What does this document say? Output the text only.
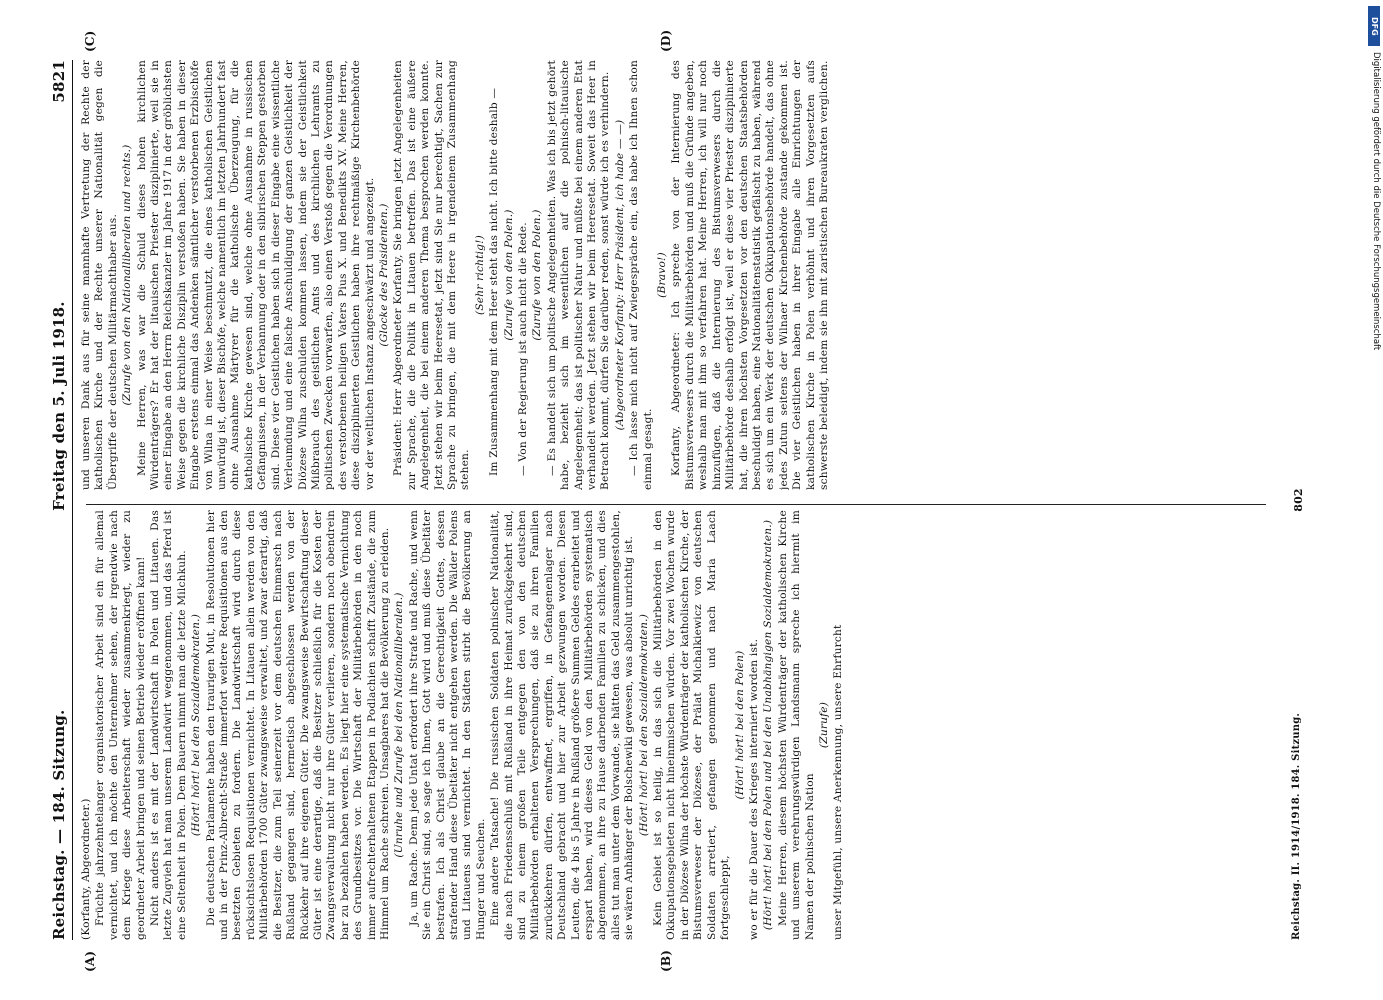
Reichstag. — 184. Sitzung.
Freitag den 5. Juli 1918.
5821
(A)	(B)
(C)	(D)

(Korfanty, Abgeordneter.) Früchte jahrzehntelanger organisatorischer Arbeit sind ein für allemal vernichtet, und ich möchte den Unternehmer sehen, der irgendwie nach dem Kriege diese Arbeiterschaft wieder zusammenkriegt, wieder zu geordneter Arbeit bringen und seinen Betrieb wieder eröffnen kann! Nicht anders ist es mit der Landwirtschaft in Polen und Litauen. Das letzte Zugvieh hat man unserem Landwirt weggenommen, und das Pferd ist eine Seltenheit in Polen. Dem Bauern nimmt man die letzte Milchkuh. (Hört! hört! bei den Sozialdemokraten.) Die deutschen Parlamente haben den traurigen Mut, in Resolutionen hier und in der Prinz-Albrecht-Straße immerfort weitere Requisitionen aus den besetzten Gebieten zu fordern. Die Landwirtschaft wird durch diese rücksichtslosen Requisitionen vernichtet. In Litauen allein werden von den Militärbehörden 1700 Güter zwangsweise verwaltet, und zwar derartig, daß die Besitzer, die zum Teil seinerzeit vor dem deutschen Einmarsch nach Rußland gegangen sind, hermetisch abgeschlossen werden von der Rückkehr auf ihre eigenen Güter. Die zwangsweise Bewirtschaftung dieser Güter ist eine derartige, daß die Besitzer schließlich für die Kosten der Zwangsverwaltung nicht nur ihre Güter verlieren, sondern noch obendrein bar zu bezahlen haben werden. Es liegt hier eine systematische Vernichtung des Grundbesitzes vor. Die Wirtschaft der Militärbehörden in den noch immer aufrechterhaltenen Etappen in Podlachien schafft Zustände, die zum Himmel um Rache schreien. Unsagbares hat die Bevölkerung zu erleiden. (Unruhe und Zurufe bei den Nationalliberalen.) Ja, um Rache. Denn jede Untat erfordert ihre Strafe und Rache, und wenn Sie ein Christ sind, so sage ich Ihnen, Gott wird und muß diese Übeltäter bestrafen. Ich als Christ glaube an die Gerechtigkeit Gottes, dessen strafender Hand diese Übeltäter nicht entgehen werden. Die Wälder Polens und Litauens sind vernichtet. In den Städten stirbt die Bevölkerung an Hunger und Seuchen. Eine andere Tatsache! Die russischen Soldaten polnischer Nationalität, die nach Friedensschluß mit Rußland in ihre Heimat zurückgekehrt sind, sind zu einem großen Teile entgegen den von den deutschen Militärbehörden erhaltenen Versprechungen, daß sie zu ihren Familien zurückkehren dürfen, entwaffnet, ergriffen, in Gefangenenlager nach Deutschland gebracht und hier zur Arbeit gezwungen worden. Diesen Leuten, die 4 bis 5 Jahre in Rußland größere Summen Geldes erarbeitet und erspart haben, wird dieses Geld von den Militärbehörden systematisch abgenommen, an ihre zu Hause darbenden Familien zu schicken, und dies alles tut man unter dem Vorwande, sie hätten das Geld zusammengestohlen, sie wären Anhänger der Bolschewiki gewesen, was absolut unrichtig ist. (Hört! hört! bei den Sozialdemokraten.) Kein Gebiet ist so heilig, in das sich die Militärbehörden in den Okkupationsgebieten nicht hineinmischen würden. Vor zwei Wochen wurde in der Diözese Wilna der höchste Würdenträger der katholischen Kirche, der Bistumsverweser der Diözese, der Prälat Michalkiewicz von deutschen Soldaten arretiert, gefangen genommen und nach Maria Laach fortgeschleppt,

(Hört! hört! bei den Polen) wo er für die Dauer des Krieges interniert worden ist. (Hört! hört! bei den Polen und bei den Unabhängigen Sozialdemokraten.) Meine Herren, diesem höchsten Würdenträger der katholischen Kirche und unserem verehrungswürdigen Landsmann spreche ich hiermit im Namen der polnischen Nation

(Zurufe) unser Mitgefühl, unsere Anerkennung, unsere Ehrfurcht

und unseren Dank aus für seine mannhafte Vertretung der Rechte der katholischen Kirche und der Rechte unserer Nationalität gegen die Übergriffe der deutschen Militärmachthaber aus. (Zurufe von den Nationalliberalen und rechts.) Meine Herren, was war die Schuld dieses hohen kirchlichen Würdenträgers? Er hat der litauischen Priester disziplinierte, weil sie in einer Eingabe an den Herrn Reichskanzler im Jahre 1917 in der gröblichsten Weise gegen die kirchliche Disziplin verstoßen haben. Sie haben in dieser Eingabe erstens einmal das Andenken sämtlicher verstorbenen Erzbischöfe von Wilna in einer Weise beschmutzt, die eines katholischen Geistlichen unwürdig ist, dieser Bischöfe, welche namentlich im letzten Jahrhundert fast ohne Ausnahme Märtyrer für die katholische Überzeugung, für die katholische Kirche gewesen sind, welche ohne Ausnahme in russischen Gefängnissen, in der Verbannung oder in den sibirischen Steppen gestorben sind. Diese vier Geistlichen haben sich in dieser Eingabe eine wissentliche Verleumdung und eine falsche Anschuldigung der ganzen Geistlichkeit der Diözese Wilna zuschulden kommen lassen, indem sie der Geistlichkeit Mißbrauch des geistlichen Amts und des kirchlichen Lehramts zu politischen Zwecken vorwarfen, also einen Verstoß gegen die Verordnungen des verstorbenen heiligen Vaters Pius X. und Benedikts XV. Meine Herren, diese disziplinierten Geistlichen haben ihre rechtmäßige Kirchenbehörde vor der weltlichen Instanz angeschwärzt und angezeigt. (Glocke des Präsidenten.) Präsident: Herr Abgeordneter Korfanty, Sie bringen jetzt Angelegenheiten zur Sprache, die die Politik in Litauen betreffen. Das ist eine äußere Angelegenheit, die bei einem anderen Thema besprochen werden konnte. Jetzt stehen wir beim Heeresetat, jetzt sind Sie nur berechtigt, Sachen zur Sprache zu bringen, die mit dem Heere in irgendeinem Zusammenhang stehen.

(Sehr richtig!) Im Zusammenhang mit dem Heer steht das nicht. Ich bitte deshalb — (Zurufe von den Polen.) — Von der Regierung ist auch nicht die Rede. (Zurufe von den Polen.) — Es handelt sich um politische Angelegenheiten. Was ich bis jetzt gehört habe, bezieht sich im wesentlichen auf die polnisch-litauische Angelegenheit; das ist politischer Natur und müßte bei einem anderen Etat verhandelt werden. Jetzt stehen wir beim Heeresetat. Soweit das Heer in Betracht kommt, dürfen Sie darüber reden, sonst würde ich es verhindern. (Abgeordneter Korfanty: Herr Präsident, ich habe — —) — Ich lasse mich nicht auf Zwiegespräche ein, das habe ich Ihnen schon einmal gesagt.

(Bravo!) Korfanty, Abgeordneter: Ich spreche von der Internierung des Bistumsverwesers durch die Militärbehörden und muß die Gründe angeben, weshalb man mit ihm so verfahren hat. Meine Herren, ich will nur noch hinzufügen, daß die Internierung des Bistumsverwesers durch die Militärbehörde deshalb erfolgt ist, weil er diese vier Priester disziplinierte hat, die ihren höchsten Vorgesetzten vor den deutschen Staatsbehörden beschuldigt haben, eine Nationalitätenstatistik gefälscht zu haben, während es sich um ein Werk der deutschen Okkupationsbehörde handelt, das ohne jedes Zutun seitens der Wilnaer Kirchenbehörde zustande gekommen ist. Die vier Geistlichen haben in ihrer Eingabe alle Einrichtungen der katholischen Kirche in Polen verhöhnt und ihren Vorgesetzten aufs schwerste beleidigt, indem sie ihn mit zaristischen Bureaukraten verglichen.

Reichstag. II. 1914/1918. 184. Sitzung.
802
DFG
Digitalisierung gefördert durch die Deutsche Forschungsgemeinschaft
